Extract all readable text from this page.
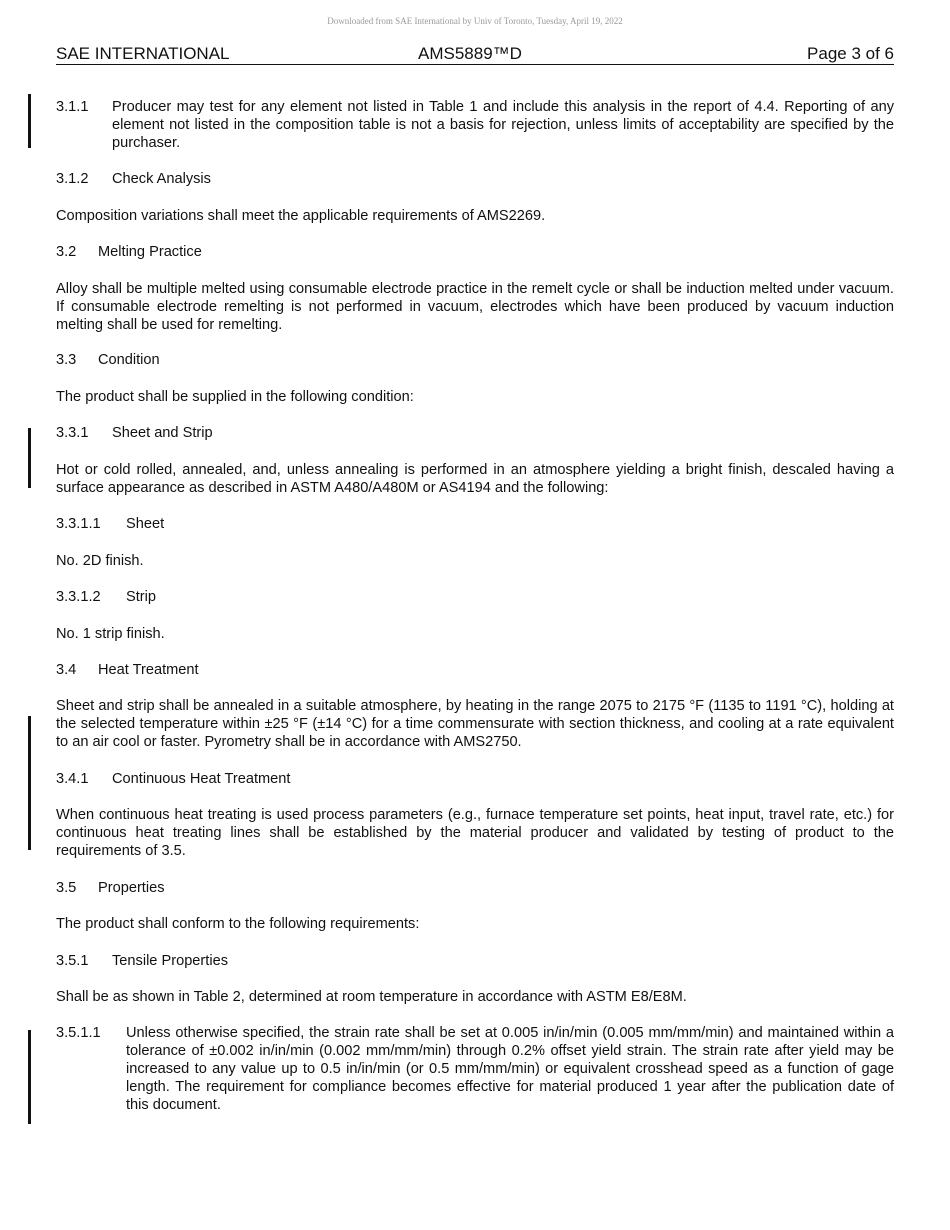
Downloaded from SAE International by Univ of Toronto, Tuesday, April 19, 2022
SAE INTERNATIONAL	AMS5889™D	Page 3 of 6
3.1.1	Producer may test for any element not listed in Table 1 and include this analysis in the report of 4.4. Reporting of any element not listed in the composition table is not a basis for rejection, unless limits of acceptability are specified by the purchaser.
3.1.2	Check Analysis
Composition variations shall meet the applicable requirements of AMS2269.
3.2	Melting Practice
Alloy shall be multiple melted using consumable electrode practice in the remelt cycle or shall be induction melted under vacuum. If consumable electrode remelting is not performed in vacuum, electrodes which have been produced by vacuum induction melting shall be used for remelting.
3.3	Condition
The product shall be supplied in the following condition:
3.3.1	Sheet and Strip
Hot or cold rolled, annealed, and, unless annealing is performed in an atmosphere yielding a bright finish, descaled having a surface appearance as described in ASTM A480/A480M or AS4194 and the following:
3.3.1.1	Sheet
No. 2D finish.
3.3.1.2	Strip
No. 1 strip finish.
3.4	Heat Treatment
Sheet and strip shall be annealed in a suitable atmosphere, by heating in the range 2075 to 2175 °F (1135 to 1191 °C), holding at the selected temperature within ±25 °F (±14 °C) for a time commensurate with section thickness, and cooling at a rate equivalent to an air cool or faster. Pyrometry shall be in accordance with AMS2750.
3.4.1	Continuous Heat Treatment
When continuous heat treating is used process parameters (e.g., furnace temperature set points, heat input, travel rate, etc.) for continuous heat treating lines shall be established by the material producer and validated by testing of product to the requirements of 3.5.
3.5	Properties
The product shall conform to the following requirements:
3.5.1	Tensile Properties
Shall be as shown in Table 2, determined at room temperature in accordance with ASTM E8/E8M.
3.5.1.1	Unless otherwise specified, the strain rate shall be set at 0.005 in/in/min (0.005 mm/mm/min) and maintained within a tolerance of ±0.002 in/in/min (0.002 mm/mm/min) through 0.2% offset yield strain. The strain rate after yield may be increased to any value up to 0.5 in/in/min (or 0.5 mm/mm/min) or equivalent crosshead speed as a function of gage length. The requirement for compliance becomes effective for material produced 1 year after the publication date of this document.
